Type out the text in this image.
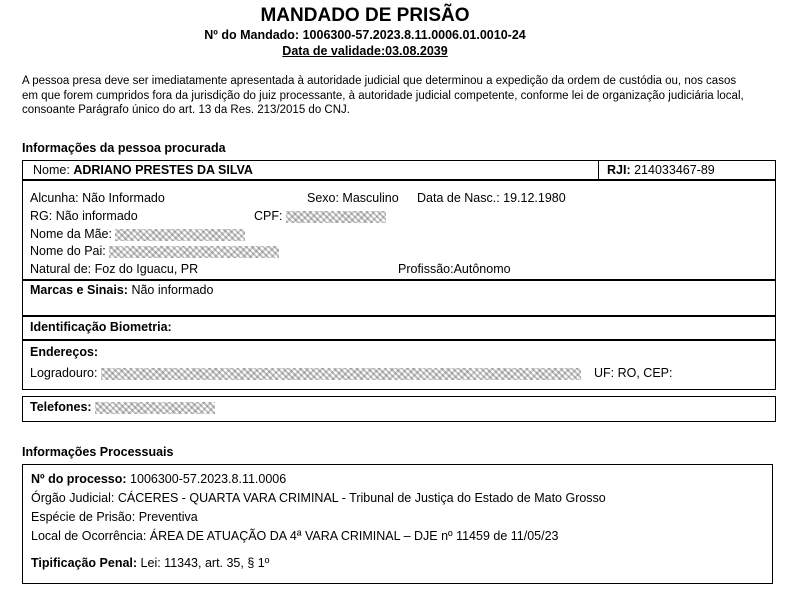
MANDADO DE PRISÃO
Nº do Mandado: 1006300-57.2023.8.11.0006.01.0010-24
Data de validade:03.08.2039
A pessoa presa deve ser imediatamente apresentada à autoridade judicial que determinou a expedição da ordem de custódia ou, nos casos em que forem cumpridos fora da jurisdição do juiz processante, à autoridade judicial competente, conforme lei de organização judiciária local, consoante Parágrafo único do art. 13 da Res. 213/2015 do CNJ.
Informações da pessoa procurada
Nome: ADRIANO PRESTES DA SILVA	RJI: 214033467-89
Alcunha: Não Informado	Sexo: Masculino Data de Nasc.: 19.12.1980
RG: Não informado	CPF:
Nome da Mãe:
Nome do Pai:
Natural de: Foz do Iguacu, PR	Profissão:Autônomo
Marcas e Sinais: Não informado
Identificação Biometria:
Endereços:
Logradouro:	UF: RO, CEP:
Telefones:
Informações Processuais
Nº do processo: 1006300-57.2023.8.11.0006
Órgão Judicial: CÁCERES - QUARTA VARA CRIMINAL - Tribunal de Justiça do Estado de Mato Grosso
Espécie de Prisão: Preventiva
Local de Ocorrência: ÁREA DE ATUAÇÃO DA 4ª VARA CRIMINAL – DJE nº 11459 de 11/05/23
Tipificação Penal: Lei: 11343, art. 35, § 1º
